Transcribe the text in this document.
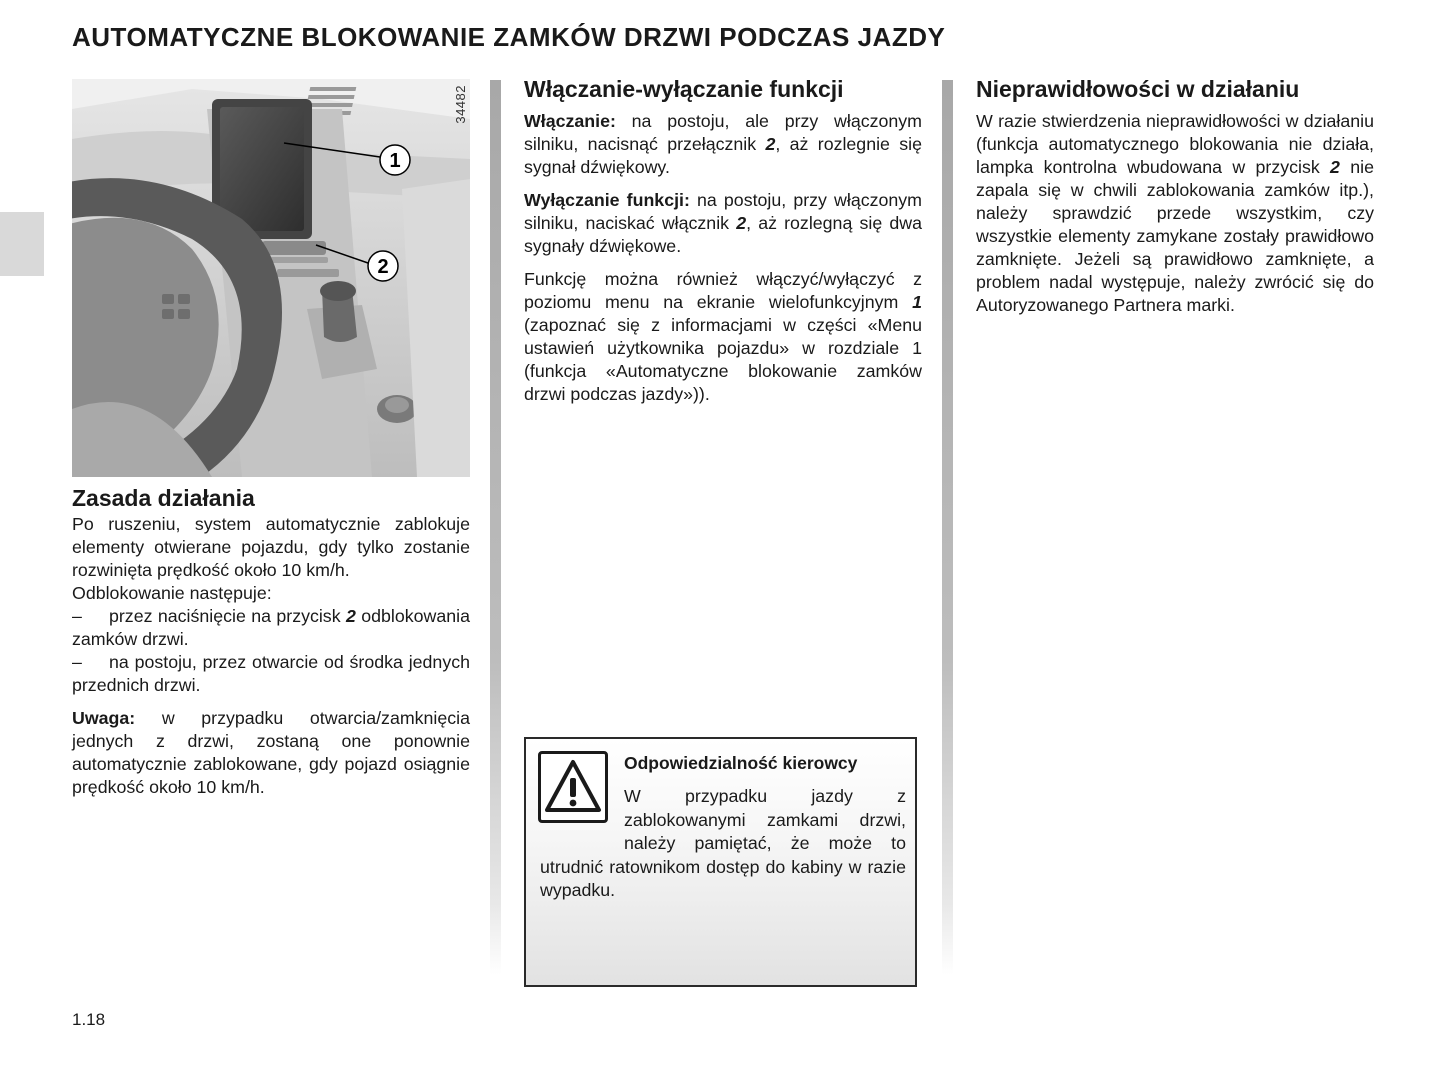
AUTOMATYCZNE BLOKOWANIE ZAMKÓW DRZWI PODCZAS JAZDY
1
2
34482
Zasada działania

Po ruszeniu, system automatycznie zablokuje elementy otwierane pojazdu, gdy tylko zostanie rozwinięta prędkość około 10 km/h.

Odblokowanie następuje:

– przez naciśnięcie na przycisk 2 odblokowania zamków drzwi.

– na postoju, przez otwarcie od środka jednych przednich drzwi.

Uwaga: w przypadku otwarcia/zamknięcia jednych z drzwi, zostaną one ponownie automatycznie zablokowane, gdy pojazd osiągnie prędkość około 10 km/h.

Włączanie-wyłączanie funkcji

Włączanie: na postoju, ale przy włączonym silniku, nacisnąć przełącznik 2, aż rozlegnie się sygnał dźwiękowy.

Wyłączanie funkcji: na postoju, przy włączonym silniku, naciskać włącznik 2, aż rozlegną się dwa sygnały dźwiękowe.

Funkcję można również włączyć/wyłączyć z poziomu menu na ekranie wielofunkcyjnym 1 (zapoznać się z informacjami w części «Menu ustawień użytkownika pojazdu» w rozdziale 1 (funkcja «Automatyczne blokowanie zamków drzwi podczas jazdy»)).

Odpowiedzialność kierowcy
W przypadku jazdy z zablokowanymi zamkami drzwi, należy pamiętać, że może to utrudnić ratownikom dostęp do kabiny w razie wypadku.
Nieprawidłowości w działaniu

W razie stwierdzenia nieprawidłowości w działaniu (funkcja automatycznego blokowania nie działa, lampka kontrolna wbudowana w przycisk 2 nie zapala się w chwili zablokowania zamków itp.), należy sprawdzić przede wszystkim, czy wszystkie elementy zamykane zostały prawidłowo zamknięte. Jeżeli są prawidłowo zamknięte, a problem nadal występuje, należy zwrócić się do Autoryzowanego Partnera marki.

1.18
